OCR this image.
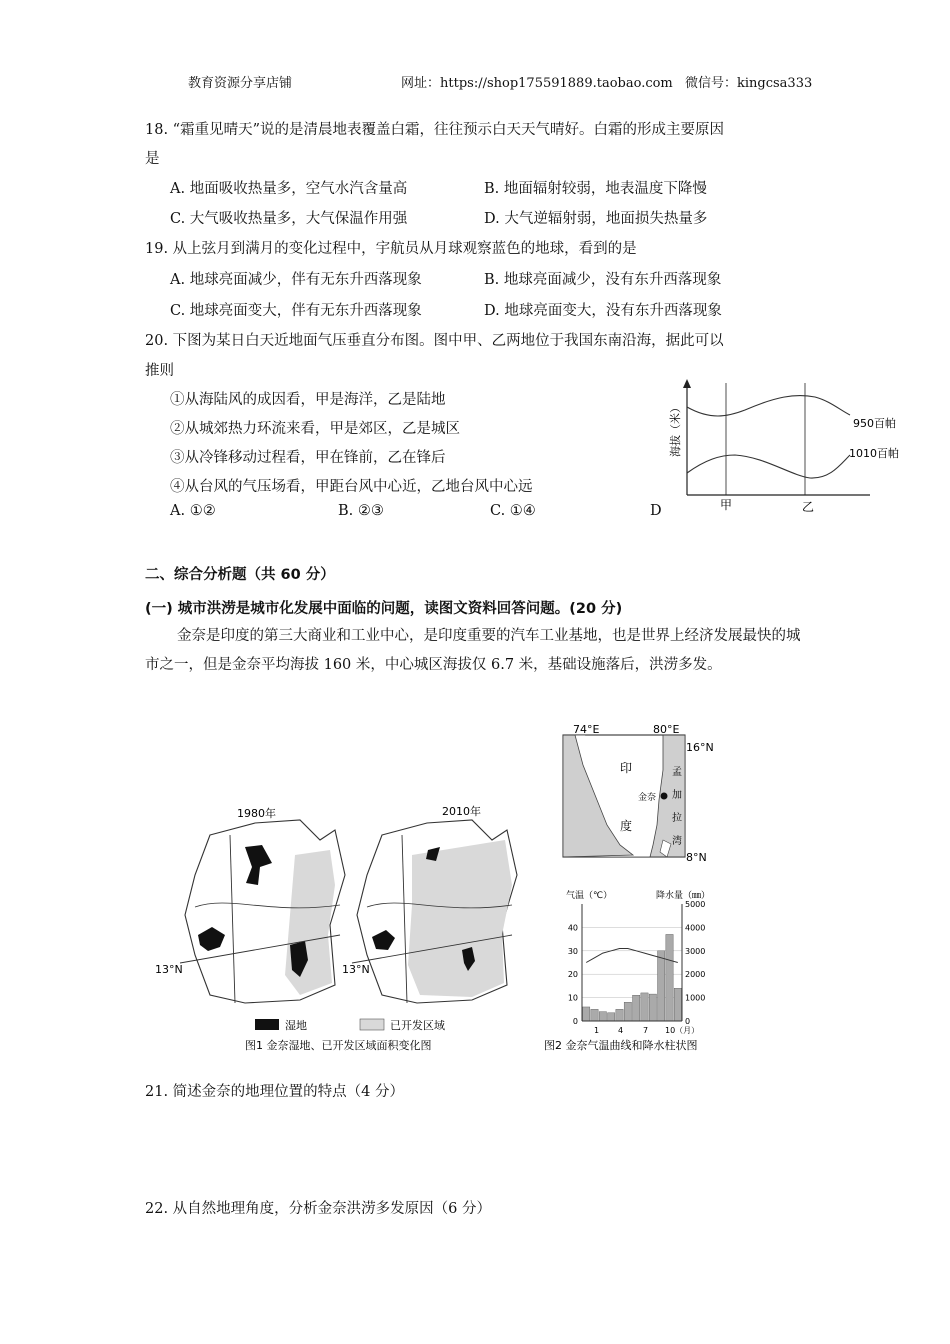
教育资源分享店铺	网址：https://shop175591889.taobao.com 微信号：kingcsa333
18. “霜重见晴天”说的是清晨地表覆盖白霜，往往预示白天天气晴好。白霜的形成主要原因
是
A. 地面吸收热量多，空气水汽含量高	B. 地面辐射较弱，地表温度下降慢
C. 大气吸收热量多，大气保温作用强	D. 大气逆辐射弱，地面损失热量多
19. 从上弦月到满月的变化过程中，宇航员从月球观察蓝色的地球，看到的是
A. 地球亮面减少，伴有无东升西落现象	B. 地球亮面减少，没有东升西落现象
C. 地球亮面变大，伴有无东升西落现象	D. 地球亮面变大，没有东升西落现象
20. 下图为某日白天近地面气压垂直分布图。图中甲、乙两地位于我国东南沿海，据此可以
推则
①从海陆风的成因看，甲是海洋，乙是陆地
②从城郊热力环流来看，甲是郊区，乙是城区
③从冷锋移动过程看，甲在锋前，乙在锋后
④从台风的气压场看，甲距台风中心近，乙地台风中心远
A. ①②	B. ②③	C. ①④	D
海拔（米）	950百帕
1010百帕
甲	乙
二、综合分析题（共 60 分）
(一) 城市洪涝是城市化发展中面临的问题，读图文资料回答问题。(20 分)
金奈是印度的第三大商业和工业中心，是印度重要的汽车工业基地，也是世界上经济发展最快的城市之一，但是金奈平均海拔 160 米，中心城区海拔仅 6.7 米，基础设施落后，洪涝多发。
1980年
13°N
2010年
13°N
湿地	已开发区域
图1 金奈湿地、已开发区域面积变化图
74°E	80°E
16°N
8°N
印
度
金奈
孟
加
拉
湾
气温（℃）	降水量（㎜）
0
10
20
30
40
0
1000
2000
3000
4000
5000
1 4 7 10（月）
图2 金奈气温曲线和降水柱状图
21. 简述金奈的地理位置的特点（4 分）
22. 从自然地理角度，分析金奈洪涝多发原因（6 分）
